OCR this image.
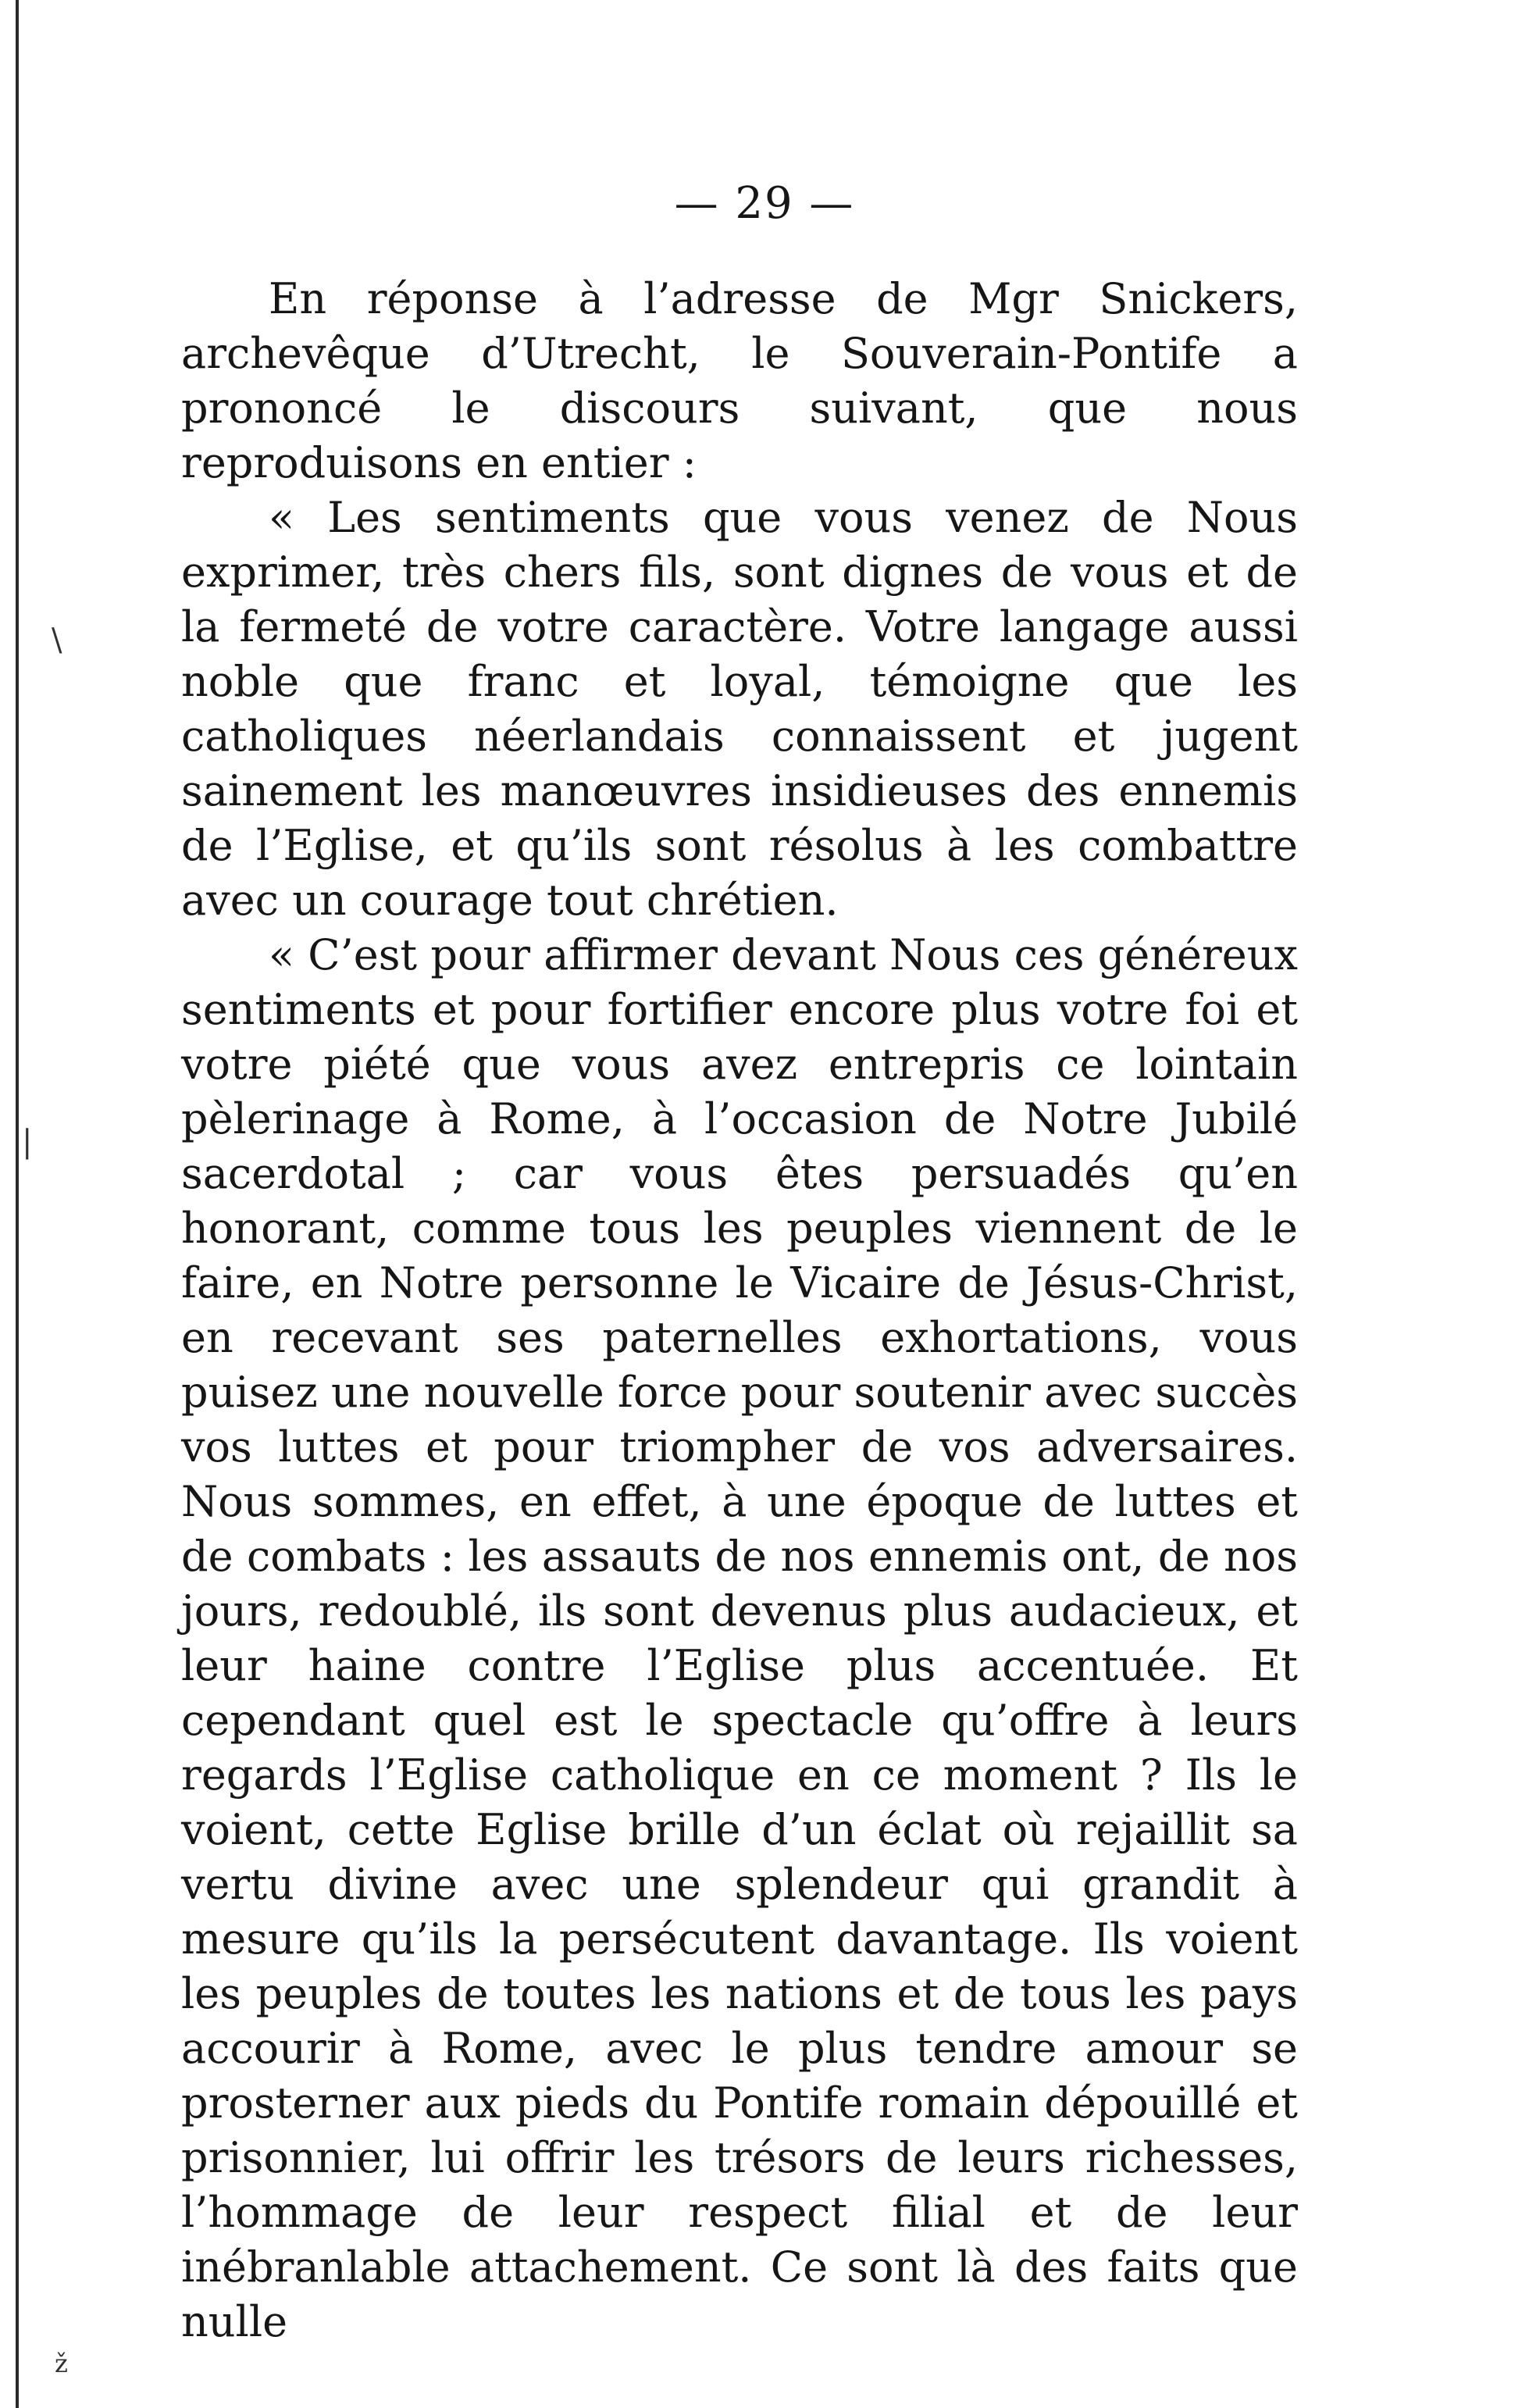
\
|
ž
— 29 —

En réponse à l’adresse de Mgr Snickers, archevêque d’Utrecht, le Souverain-Pontife a prononcé le discours suivant, que nous reproduisons en entier :

« Les sentiments que vous venez de Nous exprimer, très chers fils, sont dignes de vous et de la fermeté de votre caractère. Votre langage aussi noble que franc et loyal, témoigne que les catholiques néerlandais connaissent et jugent sainement les manœuvres insidieuses des ennemis de l’Eglise, et qu’ils sont résolus à les combattre avec un courage tout chrétien.

« C’est pour affirmer devant Nous ces généreux sentiments et pour fortifier encore plus votre foi et votre piété que vous avez entrepris ce lointain pèlerinage à Rome, à l’occasion de Notre Jubilé sacerdotal ; car vous êtes persuadés qu’en honorant, comme tous les peuples viennent de le faire, en Notre personne le Vicaire de Jésus-Christ, en recevant ses paternelles exhortations, vous puisez une nouvelle force pour soutenir avec succès vos luttes et pour triompher de vos adversaires. Nous sommes, en effet, à une époque de luttes et de combats : les assauts de nos ennemis ont, de nos jours, redoublé, ils sont devenus plus audacieux, et leur haine contre l’Eglise plus accentuée. Et cependant quel est le spectacle qu’offre à leurs regards l’Eglise catholique en ce moment ? Ils le voient, cette Eglise brille d’un éclat où rejaillit sa vertu divine avec une splendeur qui grandit à mesure qu’ils la persécutent davantage. Ils voient les peuples de toutes les nations et de tous les pays accourir à Rome, avec le plus tendre amour se prosterner aux pieds du Pontife romain dépouillé et prisonnier, lui offrir les trésors de leurs richesses, l’hommage de leur respect filial et de leur inébranlable attachement. Ce sont là des faits que nulle
